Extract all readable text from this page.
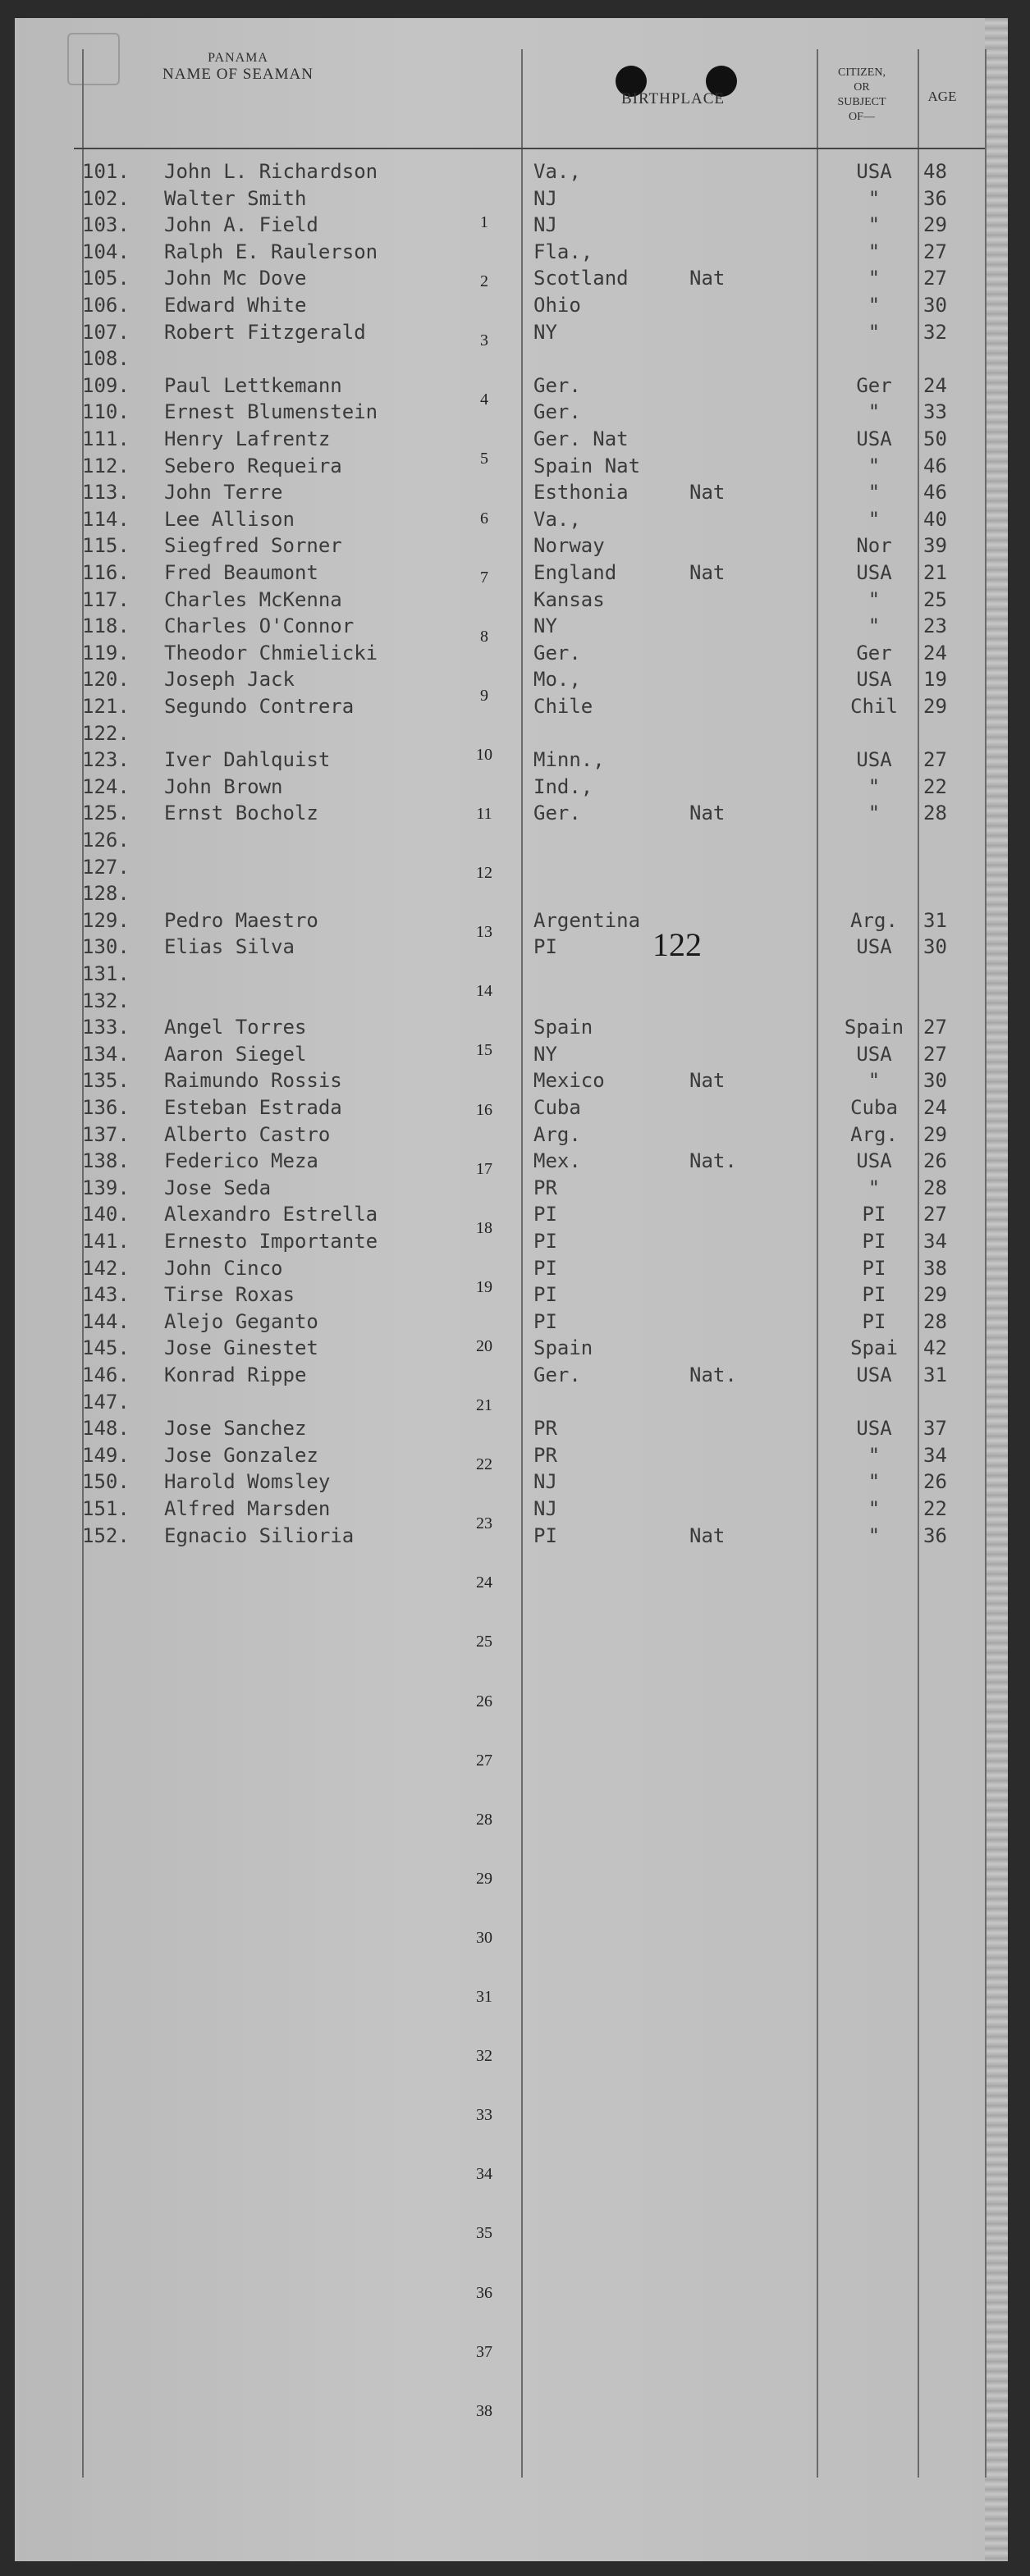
PANAMA
NAME OF SEAMAN
BIRTHPLACE
CITIZEN,
OR
SUBJECT
OF—
AGE
101.	John L. Richardson	Va.,	USA	48
102.	Walter Smith	NJ	"	36
103.	John A. Field	NJ	"	29
104.	Ralph E. Raulerson	Fla.,	"	27
105.	John Mc Dove	Scotland	Nat	"	27
106.	Edward White	Ohio	"	30
107.	Robert Fitzgerald	NY	"	32
108.
109.	Paul Lettkemann	Ger.	Ger	24
110.	Ernest Blumenstein	Ger.	"	33
111.	Henry Lafrentz	Ger. Nat	USA	50
112.	Sebero Requeira	Spain Nat	"	46
113.	John Terre	Esthonia	Nat	"	46
114.	Lee Allison	Va.,	"	40
115.	Siegfred Sorner	Norway	Nor	39
116.	Fred Beaumont	England	Nat	USA	21
117.	Charles McKenna	Kansas	"	25
118.	Charles O'Connor	NY	"	23
119.	Theodor Chmielicki	Ger.	Ger	24
120.	Joseph Jack	Mo.,	USA	19
121.	Segundo Contrera	Chile	Chil	29
122.
123.	Iver Dahlquist	Minn.,	USA	27
124.	John Brown	Ind.,	"	22
125.	Ernst Bocholz	Ger.	Nat	"	28
126.
127.
128.
129.	Pedro Maestro	Argentina	Arg.	31
130.	Elias Silva	PI	USA	30
131.
132.
133.	Angel Torres	Spain	Spain 27
134.	Aaron Siegel	NY	USA	27
135.	Raimundo Rossis	Mexico	Nat	"	30
136.	Esteban Estrada	Cuba	Cuba	24
137.	Alberto Castro	Arg.	Arg.	29
138.	Federico Meza	Mex.	Nat.	USA	26
139.	Jose Seda	PR	"	28
140.	Alexandro Estrella	PI	PI	27
141.	Ernesto Importante	PI	PI	34
142.	John Cinco	PI	PI	38
143.	Tirse Roxas	PI	PI	29
144.	Alejo Geganto	PI	PI	28
145.	Jose Ginestet	Spain	Spai	42
146.	Konrad Rippe	Ger.	Nat.	USA	31
147.
148.	Jose Sanchez	PR	USA	37
149.	Jose Gonzalez	PR	"	34
150.	Harold Womsley	NJ	"	26
151.	Alfred Marsden	NJ	"	22
152.	Egnacio Silioria	PI	Nat	"	36
1
2
3
4
5
6
7
8
9
10
11
12
13
14
15
16
17
18
19
20
21
22
23
24
25
26
27
28
29
30
31
32
33
34
35
36
37
38
122
